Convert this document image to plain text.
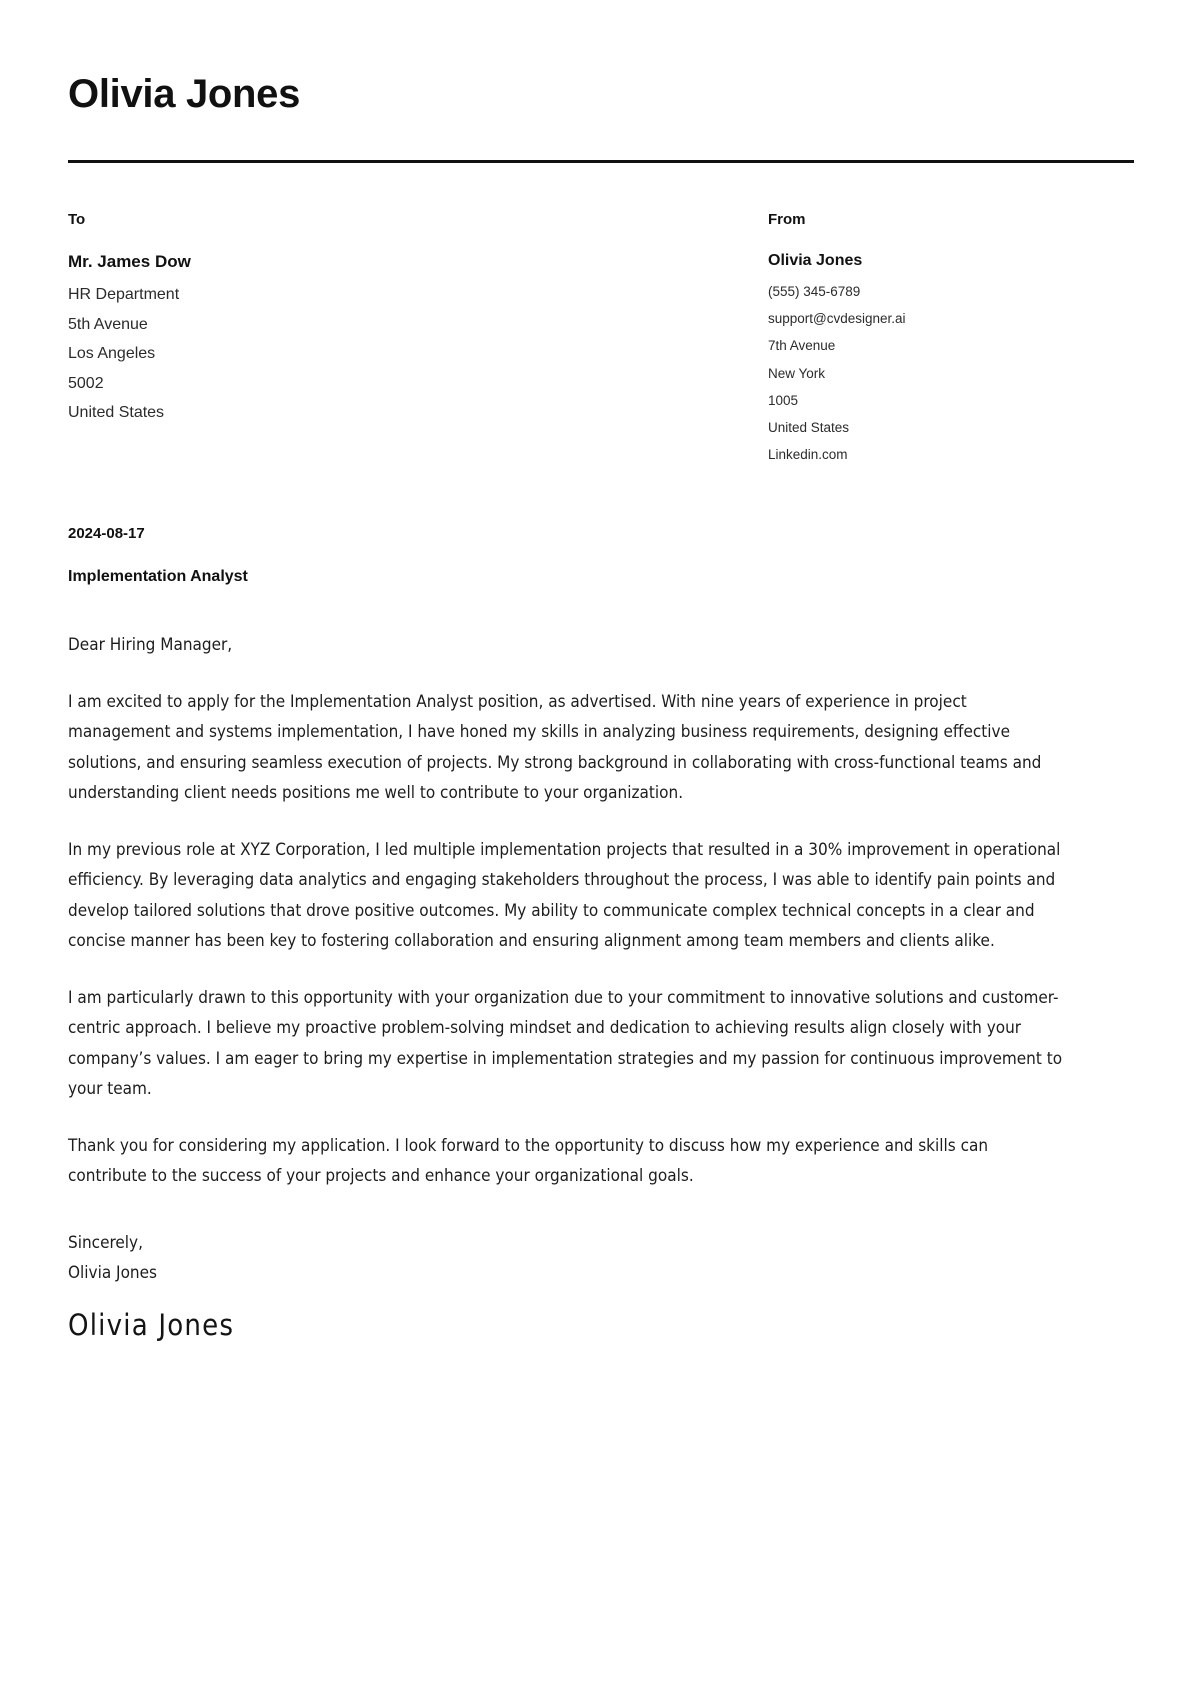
Olivia Jones
To
Mr. James Dow
HR Department
5th Avenue
Los Angeles
5002
United States
From
Olivia Jones
(555) 345-6789
support@cvdesigner.ai
7th Avenue
New York
1005
United States
Linkedin.com
2024-08-17
Implementation Analyst
Dear Hiring Manager,

I am excited to apply for the Implementation Analyst position, as advertised. With nine years of experience in project management and systems implementation, I have honed my skills in analyzing business requirements, designing effective solutions, and ensuring seamless execution of projects. My strong background in collaborating with cross-functional teams and understanding client needs positions me well to contribute to your organization.

In my previous role at XYZ Corporation, I led multiple implementation projects that resulted in a 30% improvement in operational efficiency. By leveraging data analytics and engaging stakeholders throughout the process, I was able to identify pain points and develop tailored solutions that drove positive outcomes. My ability to communicate complex technical concepts in a clear and concise manner has been key to fostering collaboration and ensuring alignment among team members and clients alike.

I am particularly drawn to this opportunity with your organization due to your commitment to innovative solutions and customer-centric approach. I believe my proactive problem-solving mindset and dedication to achieving results align closely with your company’s values. I am eager to bring my expertise in implementation strategies and my passion for continuous improvement to your team.

Thank you for considering my application. I look forward to the opportunity to discuss how my experience and skills can contribute to the success of your projects and enhance your organizational goals.

Sincerely,
Olivia Jones
Olivia Jones
